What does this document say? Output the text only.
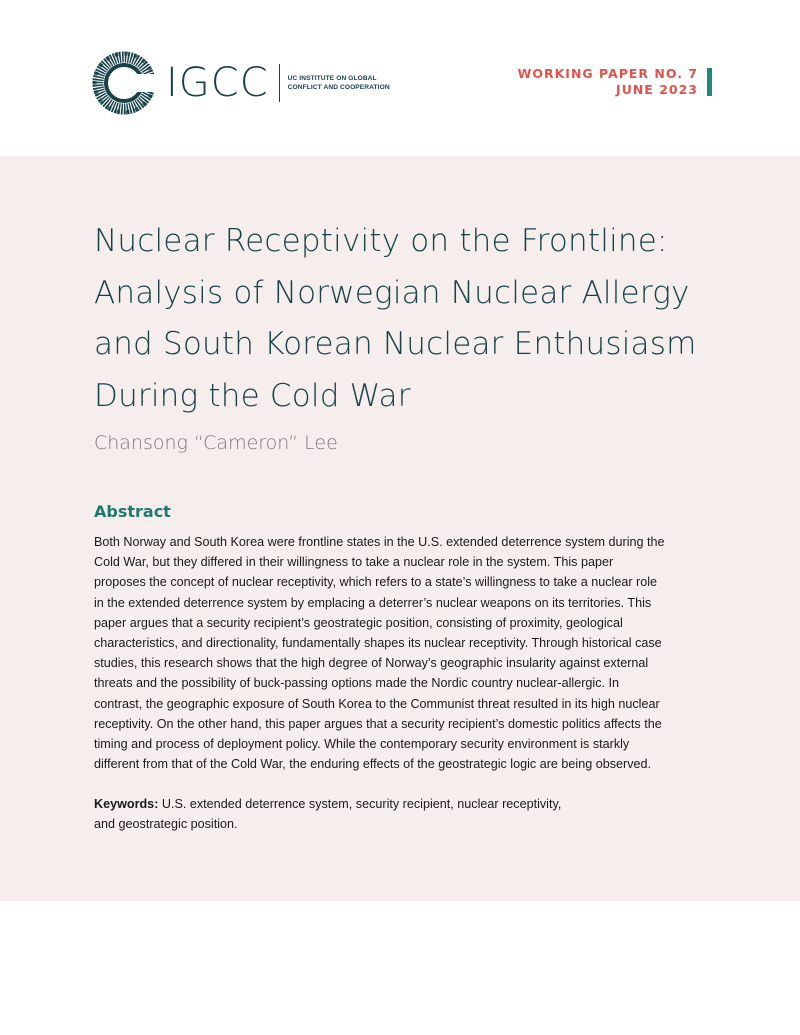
IGCC	UC INSTITUTE ON GLOBAL
CONFLICT AND COOPERATION
WORKING PAPER NO. 7
JUNE 2023
Nuclear Receptivity on the Frontline:
Analysis of Norwegian Nuclear Allergy
and South Korean Nuclear Enthusiasm
During the Cold War
Chansong “Cameron” Lee
Abstract

Both Norway and South Korea were frontline states in the U.S. extended deterrence system during the
Cold War, but they differed in their willingness to take a nuclear role in the system. This paper
proposes the concept of nuclear receptivity, which refers to a state’s willingness to take a nuclear role
in the extended deterrence system by emplacing a deterrer’s nuclear weapons on its territories. This
paper argues that a security recipient’s geostrategic position, consisting of proximity, geological
characteristics, and directionality, fundamentally shapes its nuclear receptivity. Through historical case
studies, this research shows that the high degree of Norway’s geographic insularity against external
threats and the possibility of buck-passing options made the Nordic country nuclear-allergic. In
contrast, the geographic exposure of South Korea to the Communist threat resulted in its high nuclear
receptivity. On the other hand, this paper argues that a security recipient’s domestic politics affects the
timing and process of deployment policy. While the contemporary security environment is starkly
different from that of the Cold War, the enduring effects of the geostrategic logic are being observed.

Keywords: U.S. extended deterrence system, security recipient, nuclear receptivity,
and geostrategic position.
